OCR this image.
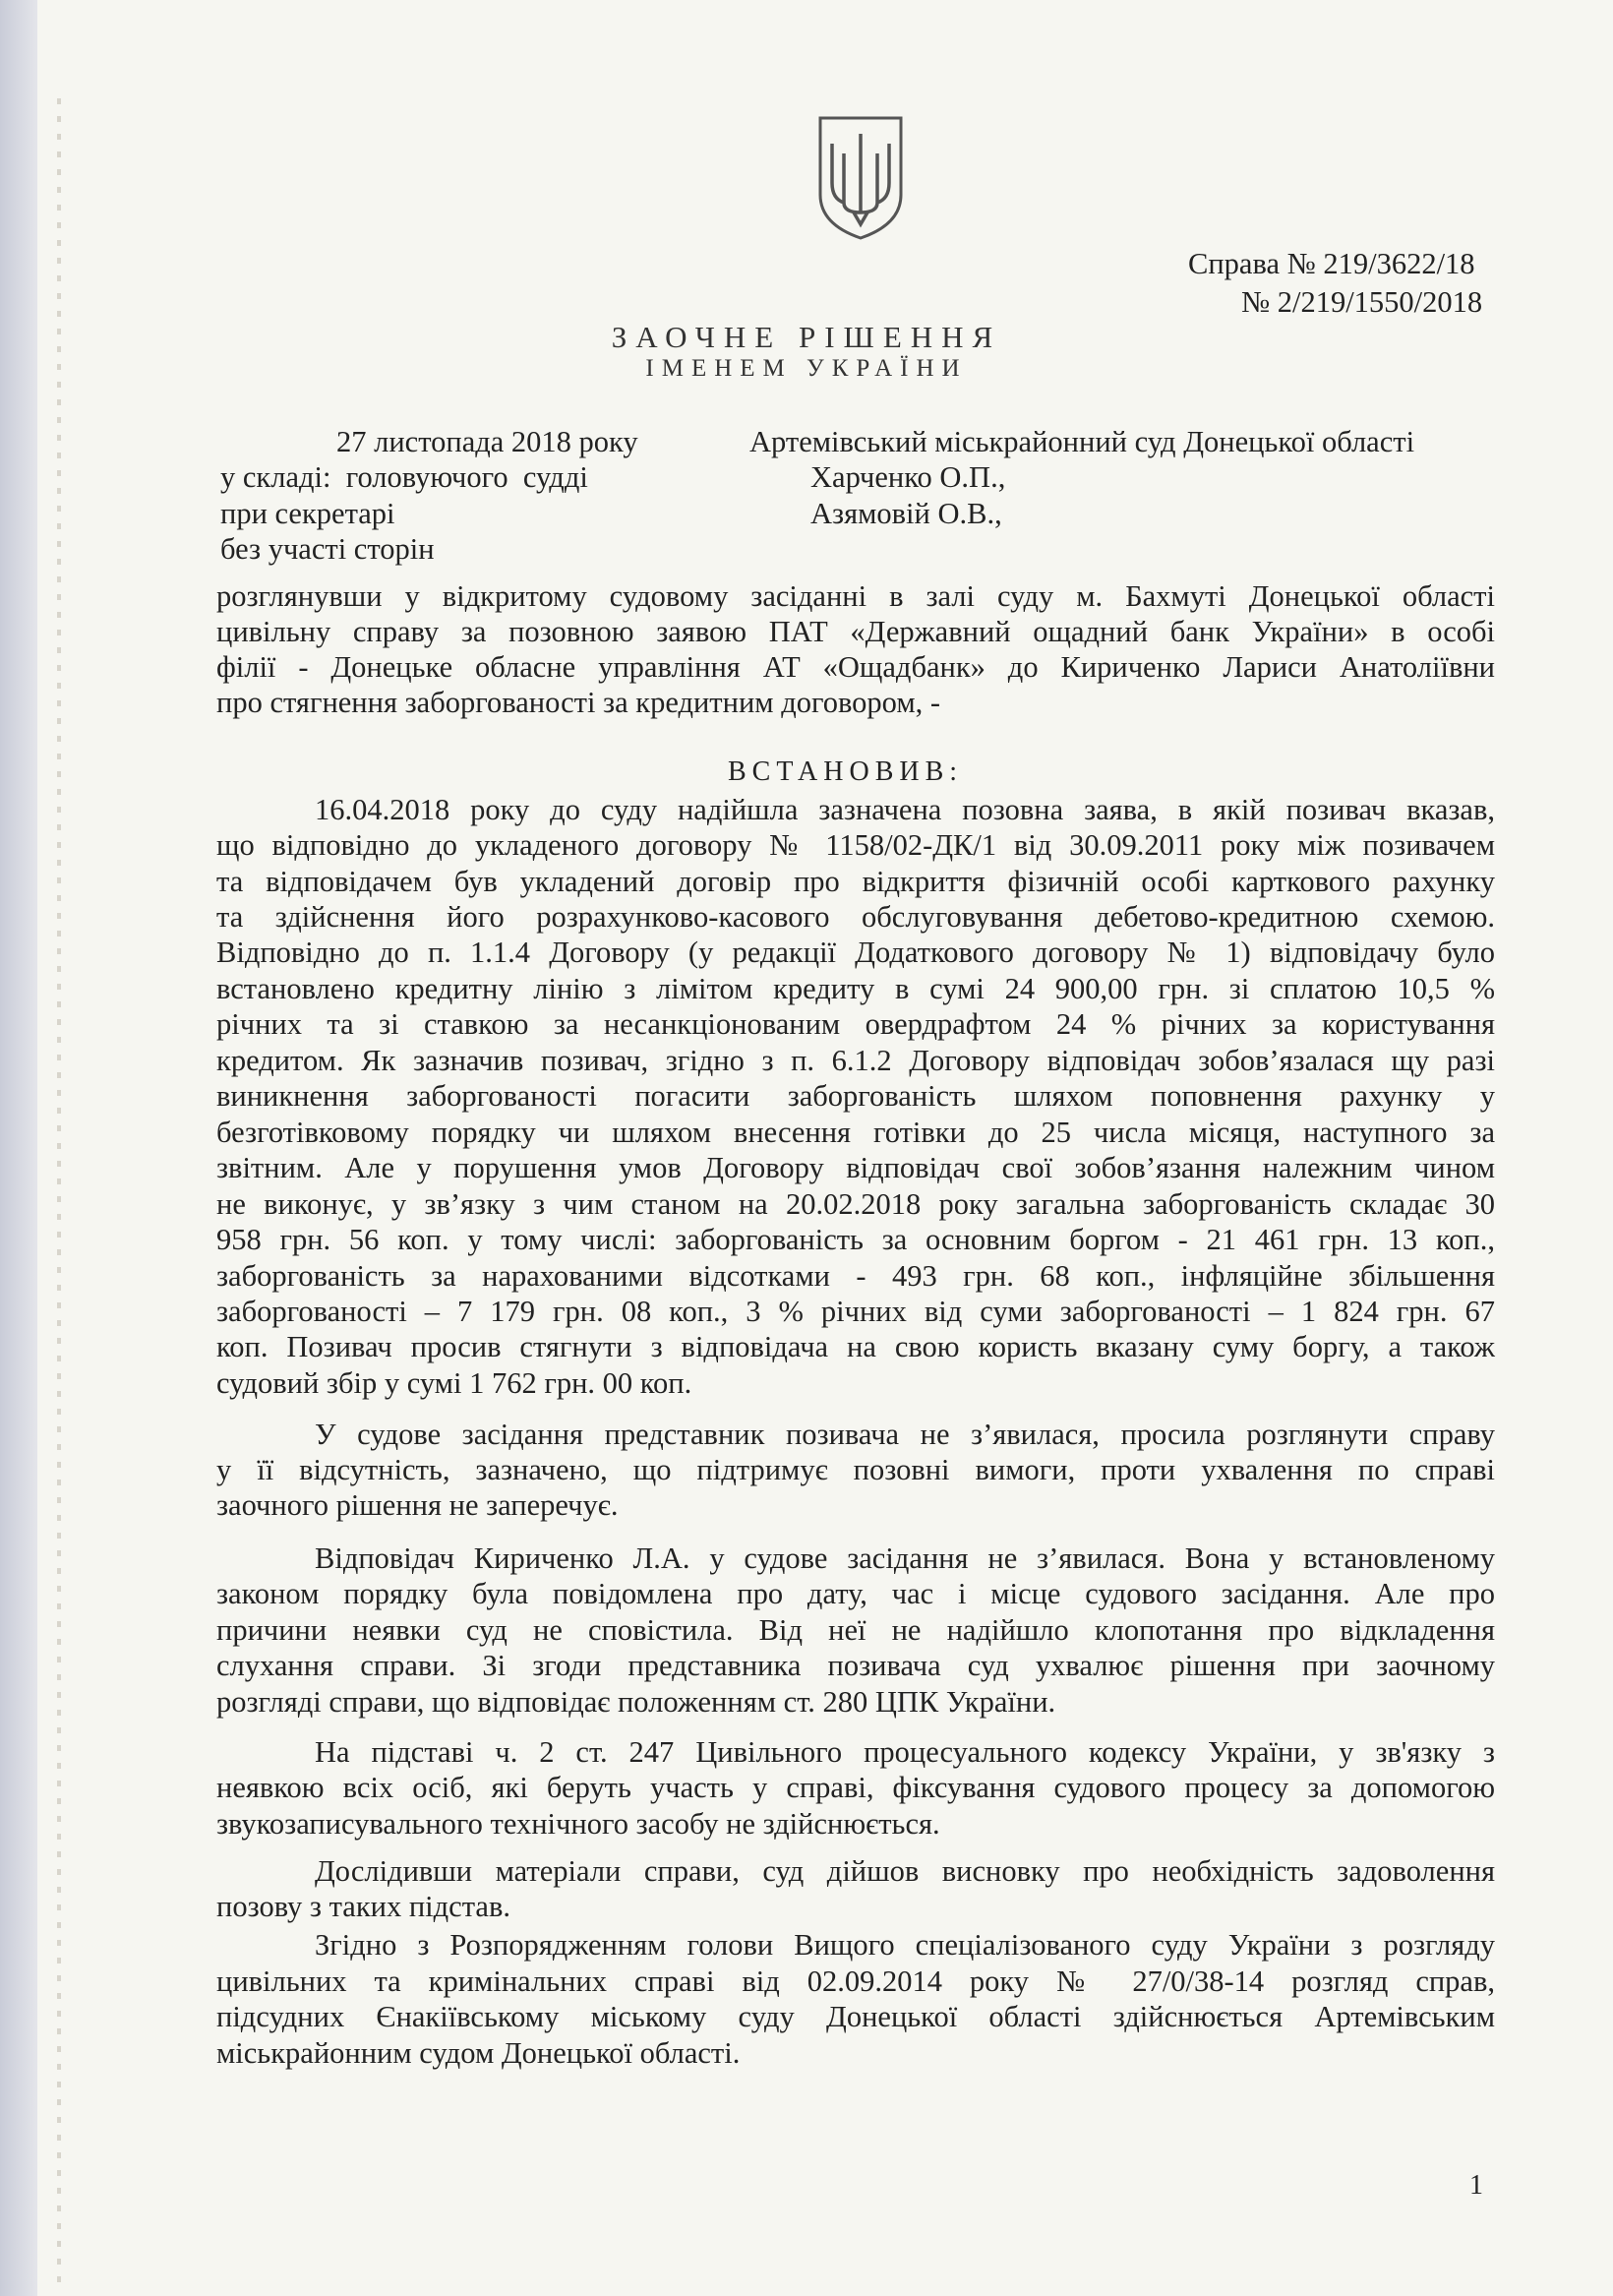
Справа № 219/3622/18
№ 2/219/1550/2018
ЗАОЧНЕ РІШЕННЯ
ІМЕНЕМ УКРАЇНИ
27 листопада 2018 року	Артемівський міськрайонний суд Донецької області
у складі:  головуючого  судді	Харченко О.П.,
при секретарі	Азямовій О.В.,
без участі сторін
розглянувши у відкритому судовому засіданні в залі суду м. Бахмуті Донецької області
цивільну справу за позовною заявою ПАТ «Державний ощадний банк України» в особі
філії - Донецьке обласне управління АТ «Ощадбанк» до Кириченко Лариси Анатоліївни
про стягнення заборгованості за кредитним договором, -
ВСТАНОВИВ:
16.04.2018 року до суду надійшла зазначена позовна заява, в якій позивач вказав,
що відповідно до укладеного договору № 1158/02-ДК/1 від 30.09.2011 року між позивачем
та відповідачем був укладений договір про відкриття фізичній особі карткового рахунку
та здійснення його розрахунково-касового обслуговування дебетово-кредитною схемою.
Відповідно до п. 1.1.4 Договору (у редакції Додаткового договору № 1) відповідачу було
встановлено кредитну лінію з лімітом кредиту в сумі 24 900,00 грн. зі сплатою 10,5 %
річних та зі ставкою за несанкціонованим овердрафтом 24 % річних за користування
кредитом. Як зазначив позивач, згідно з п. 6.1.2 Договору відповідач зобов’язалася щу разі
виникнення заборгованості погасити заборгованість шляхом поповнення рахунку у
безготівковому порядку чи шляхом внесення готівки до 25 числа місяця, наступного за
звітним. Але у порушення умов Договору відповідач свої зобов’язання належним чином
не виконує, у зв’язку з чим станом на 20.02.2018 року загальна заборгованість складає 30
958 грн. 56 коп. у тому числі: заборгованість за основним боргом - 21 461 грн. 13 коп.,
заборгованість за нарахованими відсотками - 493 грн. 68 коп., інфляційне збільшення
заборгованості – 7 179 грн. 08 коп., 3 % річних від суми заборгованості – 1 824 грн. 67
коп. Позивач просив стягнути з відповідача на свою користь вказану суму боргу, а також
судовий збір у сумі 1 762 грн. 00 коп.
У судове засідання представник позивача не з’явилася, просила розглянути справу
у її відсутність, зазначено, що підтримує позовні вимоги, проти ухвалення по справі
заочного рішення не заперечує.
Відповідач Кириченко Л.А. у судове засідання не з’явилася. Вона у встановленому
законом порядку була повідомлена про дату, час і місце судового засідання. Але про
причини неявки суд не сповістила. Від неї не надійшло клопотання про відкладення
слухання справи. Зі згоди представника позивача суд ухвалює рішення при заочному
розгляді справи, що відповідає положенням ст. 280 ЦПК України.
На підставі ч. 2 ст. 247 Цивільного процесуального кодексу України, у зв'язку з
неявкою всіх осіб, які беруть участь у справі, фіксування судового процесу за допомогою
звукозаписувального технічного засобу не здійснюється.
Дослідивши матеріали справи, суд дійшов висновку про необхідність задоволення
позову з таких підстав.
Згідно з Розпорядженням голови Вищого спеціалізованого суду України з розгляду
цивільних та кримінальних справі від 02.09.2014 року № 27/0/38-14 розгляд справ,
підсудних Єнакіївському міському суду Донецької області здійснюється Артемівським
міськрайонним судом Донецької області.
1
